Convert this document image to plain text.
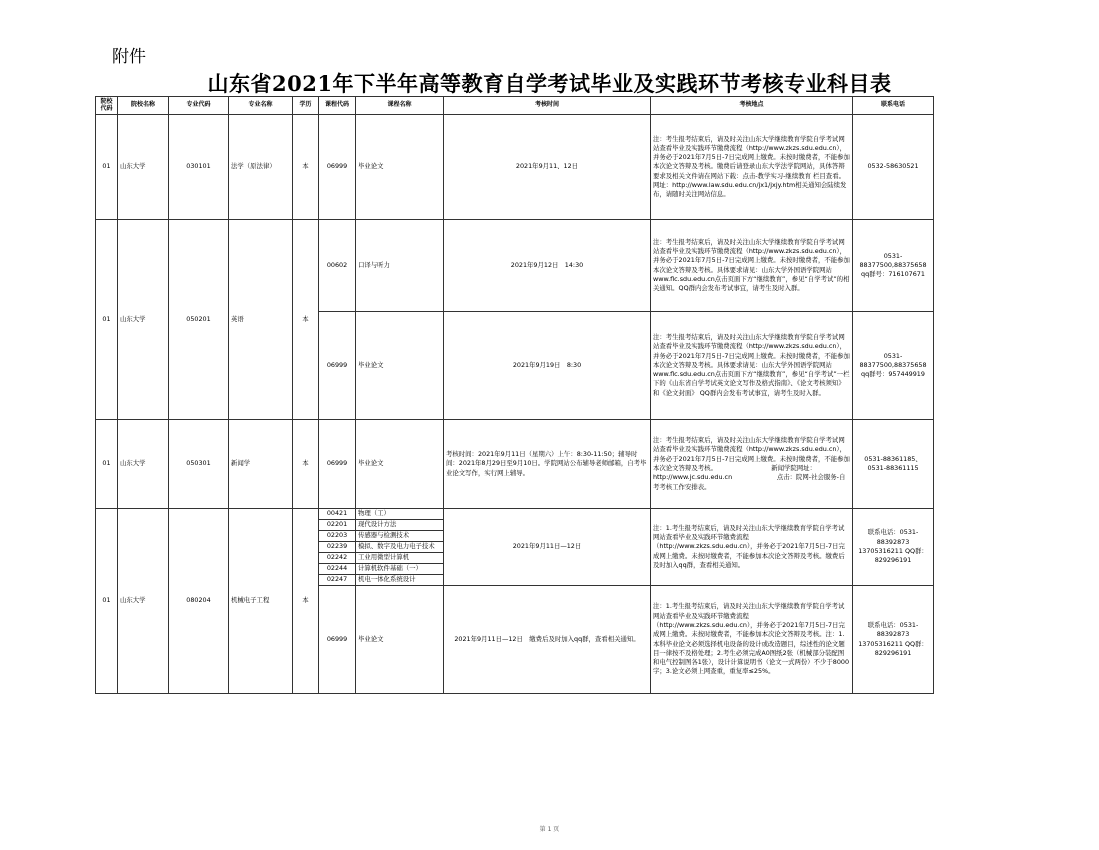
附件
山东省2021年下半年高等教育自学考试毕业及实践环节考核专业科目表
院校代码	院校名称	专业代码	专业名称	学历	课程代码	课程名称	考核时间	考核地点	联系电话
01	山东大学	030101	法学（原法律）	本	06999	毕业论文	2021年9月11、12日	注：考生报考结束后，请及时关注山东大学继续教育学院自学考试网站查看毕业及实践环节缴费流程（http://www.zkzs.sdu.edu.cn），并务必于2021年7月5日-7日完成网上缴费。未按时缴费者，不能参加本次论文答辩及考核。缴费后请登录山东大学法学院网站，具体答辩要求及相关文件请在网站下载：点击-教学实习-继续教育 栏目查看。网址：http://www.law.sdu.edu.cn/jx1/jxjy.htm相关通知会陆续发布，请随时关注网站信息。	0532-58630521
01	山东大学	050201	英语	本	00602	口译与听力	2021年9月12日　14:30	注：考生报考结束后，请及时关注山东大学继续教育学院自学考试网站查看毕业及实践环节缴费流程（http://www.zkzs.sdu.edu.cn），并务必于2021年7月5日-7日完成网上缴费。未按时缴费者，不能参加本次论文答辩及考核。具体要求请见：山东大学外国语学院网站 www.flc.sdu.edu.cn点击页面下方“继续教育”，参见“自学考试”的相关通知。QQ群内会发布考试事宜，请考生及时入群。	0531-88377500,88375658 qq群号：716107671
					06999	毕业论文	2021年9月19日　8:30	注：考生报考结束后，请及时关注山东大学继续教育学院自学考试网站查看毕业及实践环节缴费流程（http://www.zkzs.sdu.edu.cn），并务必于2021年7月5日-7日完成网上缴费。未按时缴费者，不能参加本次论文答辩及考核。具体要求请见：山东大学外国语学院网站 www.flc.sdu.edu.cn点击页面下方“继续教育”，参见“自学考试”一栏下的《山东省自学考试英文论文写作及格式指南》、《论文考核须知》和《论文封面》 QQ群内会发布考试事宜，请考生及时入群。	0531-88377500,88375658 qq群号：957449919
01	山东大学	050301	新闻学	本	06999	毕业论文	考核时间：2021年9月11日（星期六）上午：8:30-11:50；辅导时间：2021年8月29日至9月10日。学院网站公布辅导老师邮箱，自考毕业论文写作，实行网上辅导。	注：考生报考结束后，请及时关注山东大学继续教育学院自学考试网站查看毕业及实践环节缴费流程（http://www.zkzs.sdu.edu.cn），并务必于2021年7月5日-7日完成网上缴费。未按时缴费者，不能参加本次论文答辩及考核。　　　　　　　　　新闻学院网址：http://www.jc.sdu.edu.cn　　　　　　　点击：院网-社会服务-自考考核工作安排表。	0531-88361185、0531-88361115
01	山东大学	080204	机械电子工程	本	00421	物理（工）	2021年9月11日—12日	注：1.考生报考结束后，请及时关注山东大学继续教育学院自学考试网站查看毕业及实践环节缴费流程（http://www.zkzs.sdu.edu.cn），并务必于2021年7月5日-7日完成网上缴费。未按时缴费者，不能参加本次论文答辩及考核。缴费后及时加入qq群，查看相关通知。	联系电话：0531-88392873 13705316211 QQ群：829296191
					02201	现代设计方法			
					02203	传感器与检测技术			
					02239	模拟、数字及电力电子技术			
					02242	工业用微型计算机			
					02244	计算机软件基础（一）			
					02247	机电一体化系统设计			
					06999	毕业论文	2021年9月11日—12日　缴费后及时加入qq群，查看相关通知。	注：1.考生报考结束后，请及时关注山东大学继续教育学院自学考试网站查看毕业及实践环节缴费流程（http://www.zkzs.sdu.edu.cn），并务必于2021年7月5日-7日完成网上缴费。未按时缴费者，不能参加本次论文答辩及考核。注：1.本科毕业论文必须选择机电设备的设计或改造题目，综述性的论文题目一律按不及格处理；2.考生必须完成A0图纸2张（机械部分装配图和电气控制图各1张），设计计算说明书（论文一式两份）不少于8000字；3.论文必须上网查重，重复率≤25%。	联系电话：0531-88392873 13705316211 QQ群：829296191
第 1 页
